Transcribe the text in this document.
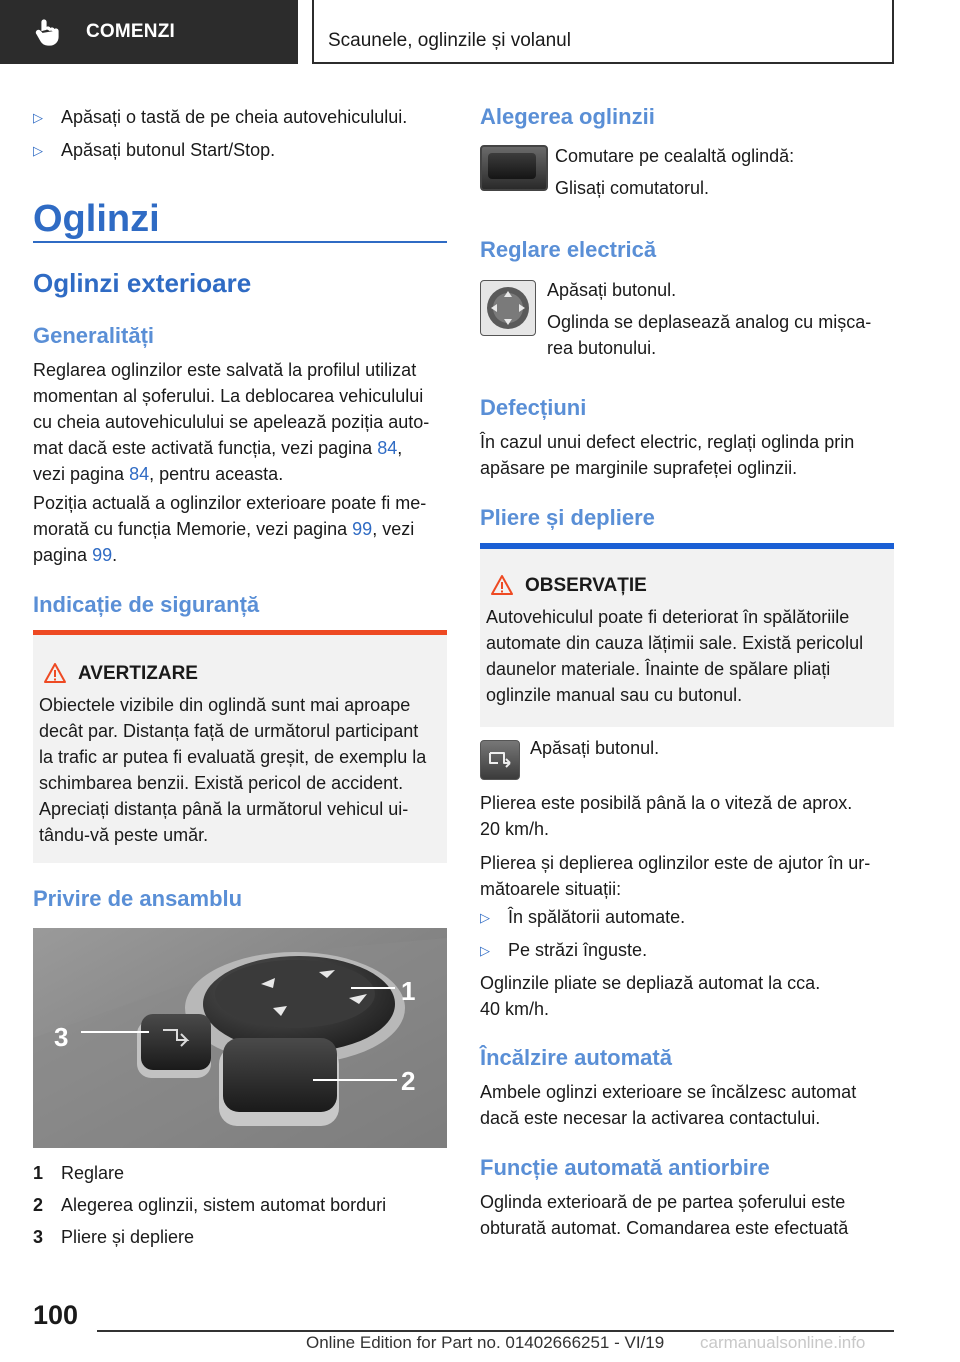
COMENZI	Scaunele, oglinzile și volanul
▷	Apăsați o tastă de pe cheia autovehiculului.
▷	Apăsați butonul Start/Stop.
Oglinzi
Oglinzi exterioare
Generalități
Reglarea oglinzilor este salvată la profilul utilizat
momentan al șoferului. La deblocarea vehiculului
cu cheia autovehiculului se apelează poziția auto-
mat dacă este activată funcția, vezi pagina 84,
vezi pagina 84, pentru aceasta.
Poziția actuală a oglinzilor exterioare poate fi me-
morată cu funcția Memorie, vezi pagina 99, vezi
pagina 99.
Indicație de siguranță
AVERTIZARE
Obiectele vizibile din oglindă sunt mai aproape
decât par. Distanța față de următorul participant
la trafic ar putea fi evaluată greșit, de exemplu la
schimbarea benzii. Există pericol de accident.
Apreciați distanța până la următorul vehicul ui-
tându-vă peste umăr.
Privire de ansamblu
3
1
2
1 Reglare
2 Alegerea oglinzii, sistem automat borduri
3 Pliere și depliere
Alegerea oglinzii
Comutare pe cealaltă oglindă:
Glisați comutatorul.
Reglare electrică
Apăsați butonul.
Oglinda se deplasează analog cu mișca-
rea butonului.
Defecțiuni
În cazul unui defect electric, reglați oglinda prin
apăsare pe marginile suprafeței oglinzii.
Pliere și depliere
OBSERVAȚIE
Autovehiculul poate fi deteriorat în spălătoriile
automate din cauza lățimii sale. Există pericolul
daunelor materiale. Înainte de spălare pliați
oglinzile manual sau cu butonul.
Apăsați butonul.
Plierea este posibilă până la o viteză de aprox.
20 km/h.
Plierea și deplierea oglinzilor este de ajutor în ur-
mătoarele situații:
▷	În spălătorii automate.
▷	Pe străzi înguste.
Oglinzile pliate se depliază automat la cca.
40 km/h.
Încălzire automată
Ambele oglinzi exterioare se încălzesc automat
dacă este necesar la activarea contactului.
Funcție automată antiorbire
Oglinda exterioară de pe partea șoferului este
obturată automat. Comandarea este efectuată
100
Online Edition for Part no. 01402666251 - VI/19 carmanualsonline.info
